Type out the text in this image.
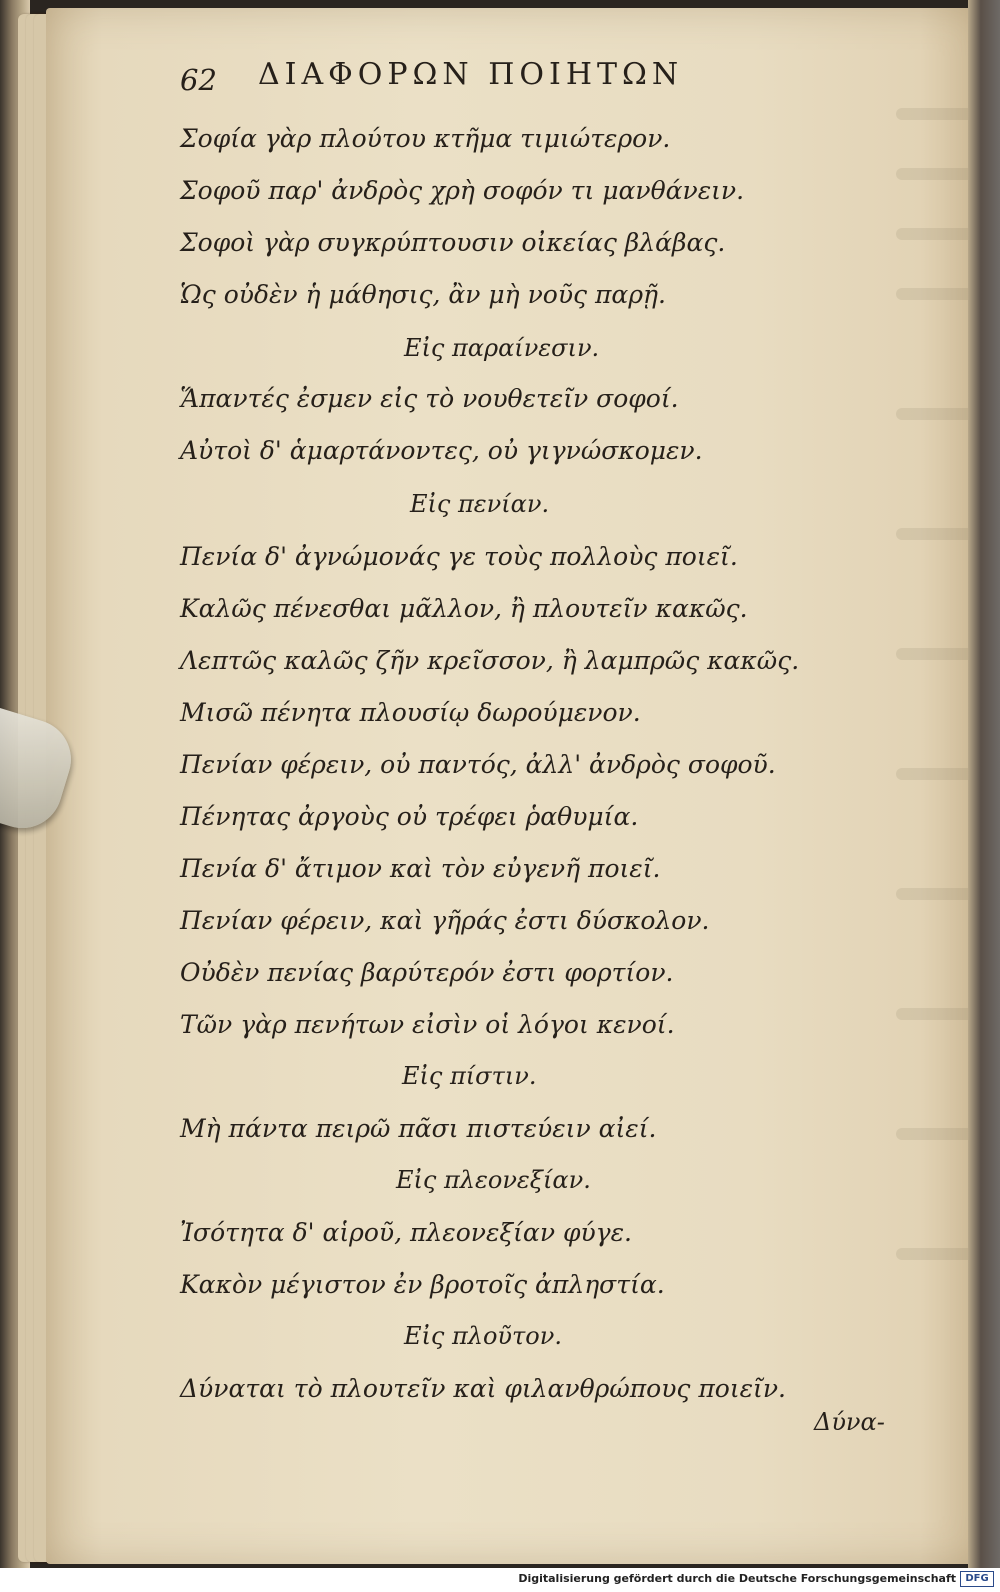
62 ΔΙΑΦΟΡΩΝ ΠΟΙΗΤΩΝ

Σοφία γὰρ πλούτου κτῆμα τιμιώτερον.

Σοφοῦ παρ' ἀνδρὸς χρὴ σοφόν τι μανθάνειν.

Σοφοὶ γὰρ συγκρύπτουσιν οἰκείας βλάβας.

Ὡς οὐδὲν ἡ μάθησις, ἂν μὴ νοῦς παρῇ.

Εἰς παραίνεσιν.

Ἅπαντές ἐσμεν εἰς τὸ νουθετεῖν σοφοί.

Αὐτοὶ δ' ἁμαρτάνοντες, οὐ γιγνώσκομεν.

Εἰς πενίαν.

Πενία δ' ἀγνώμονάς γε τοὺς πολλοὺς ποιεῖ.

Καλῶς πένεσθαι μᾶλλον, ἢ πλουτεῖν κακῶς.

Λεπτῶς καλῶς ζῆν κρεῖσσον, ἢ λαμπρῶς κακῶς.

Μισῶ πένητα πλουσίῳ δωρούμενον.

Πενίαν φέρειν, οὐ παντός, ἀλλ' ἀνδρὸς σοφοῦ.

Πένητας ἀργοὺς οὐ τρέφει ῥαθυμία.

Πενία δ' ἄτιμον καὶ τὸν εὐγενῆ ποιεῖ.

Πενίαν φέρειν, καὶ γῆράς ἐστι δύσκολον.

Οὐδὲν πενίας βαρύτερόν ἐστι φορτίον.

Τῶν γὰρ πενήτων εἰσὶν οἱ λόγοι κενοί.

Εἰς πίστιν.

Μὴ πάντα πειρῶ πᾶσι πιστεύειν αἰεί.

Εἰς πλεονεξίαν.

Ἰσότητα δ' αἱροῦ, πλεονεξίαν φύγε.

Κακὸν μέγιστον ἐν βροτοῖς ἀπληστία.

Εἰς πλοῦτον.

Δύναται τὸ πλουτεῖν καὶ φιλανθρώπους ποιεῖν.

Δύνα-

Digitalisierung gefördert durch die Deutsche Forschungsgemeinschaft DFG
